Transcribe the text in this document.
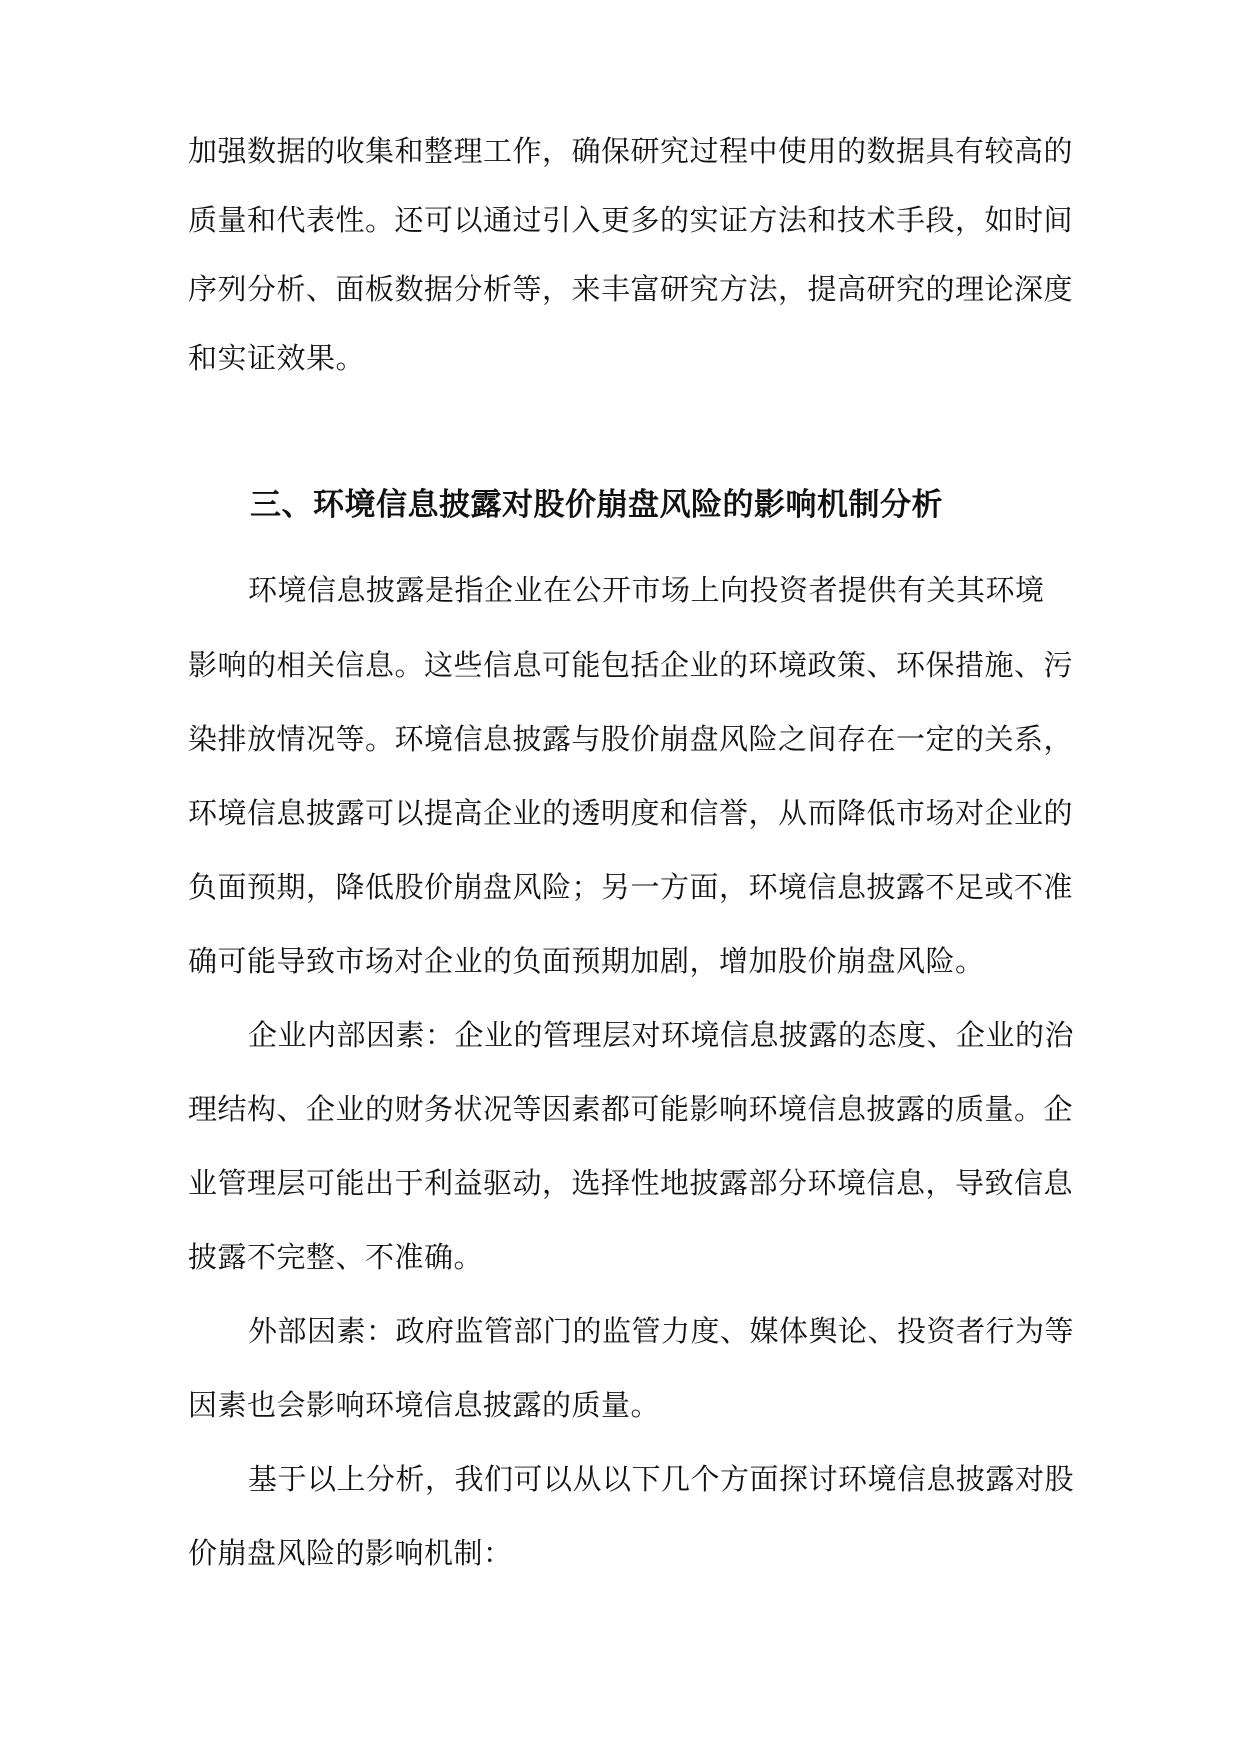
加强数据的收集和整理工作，确保研究过程中使用的数据具有较高的
质量和代表性。还可以通过引入更多的实证方法和技术手段，如时间
序列分析、面板数据分析等，来丰富研究方法，提高研究的理论深度
和实证效果。
三、环境信息披露对股价崩盘风险的影响机制分析
环境信息披露是指企业在公开市场上向投资者提供有关其环境
影响的相关信息。这些信息可能包括企业的环境政策、环保措施、污
染排放情况等。环境信息披露与股价崩盘风险之间存在一定的关系，
环境信息披露可以提高企业的透明度和信誉，从而降低市场对企业的
负面预期，降低股价崩盘风险；另一方面，环境信息披露不足或不准
确可能导致市场对企业的负面预期加剧，增加股价崩盘风险。
企业内部因素：企业的管理层对环境信息披露的态度、企业的治
理结构、企业的财务状况等因素都可能影响环境信息披露的质量。企
业管理层可能出于利益驱动，选择性地披露部分环境信息，导致信息
披露不完整、不准确。
外部因素：政府监管部门的监管力度、媒体舆论、投资者行为等
因素也会影响环境信息披露的质量。
基于以上分析，我们可以从以下几个方面探讨环境信息披露对股
价崩盘风险的影响机制：
